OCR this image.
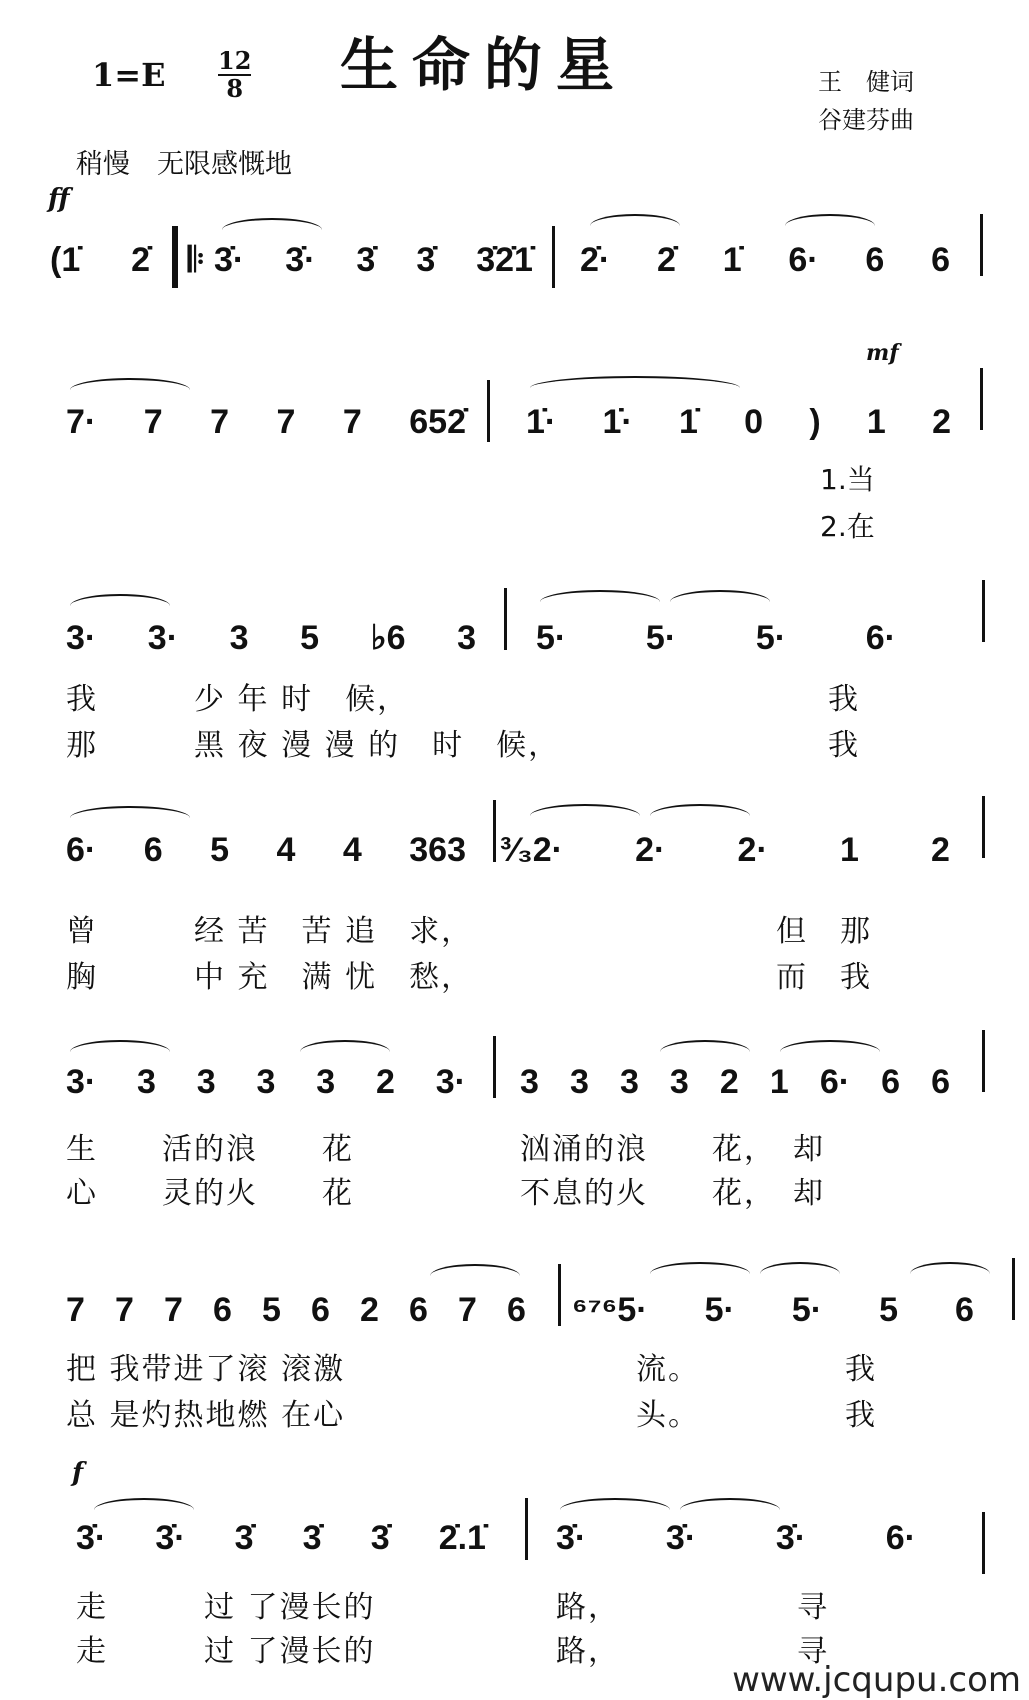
生命的星
1=E 12
8	王　健词
谷建芬曲
稍慢　无限感慨地
ff
mf
f
1.当
2.在
(1̇ 2̇ 𝄆 3̇· 3̇· 3̇ 3̇ 3̇2̇1̇ 2̇· 2̇ 1̇ 6· 6 6
7· 7 7 7 7 652̇ 1̇· 1̇· 1̇ 0 ) 1 2
3· 3· 3 5 ♭6 3 5· 5· 5· 6·
我　　　少 年 时　候，	　　　　　　　　　我
那　　　黑 夜 漫 漫 的　时　候，
　　　　　　　　　我
6· 6 5 4 4 363 ³⁄₃2· 2· 2· 1 2
曾　　　经 苦　苦 追　求， 　　　　　　　　但　那
胸　　　中 充　满 忧　愁， 　　　　　　　　而　我
3· 3 3 3 3 2 3· 3 3 3 3 2 1 6· 6 6
生　　活的浪　　花	汹涌的浪　　花，　却
心　　灵的火　　花	不息的火　　花，　却
7 7 7 6 5 6 2 6 7 6 ⁶⁷⁶5· 5· 5· 5 6
把 我带进了滚 滚激	　　流。　　　　　我
总 是灼热地燃 在心	　　头。　　　　　我
3̇· 3̇· 3̇ 3̇ 3̇ 2̇.1̇ 3̇· 3̇· 3̇· 6·
走　　　过 了漫长的	路，　　　　　　寻
走　　　过 了漫长的	路，　　　　　　寻
www.jcqupu.com
